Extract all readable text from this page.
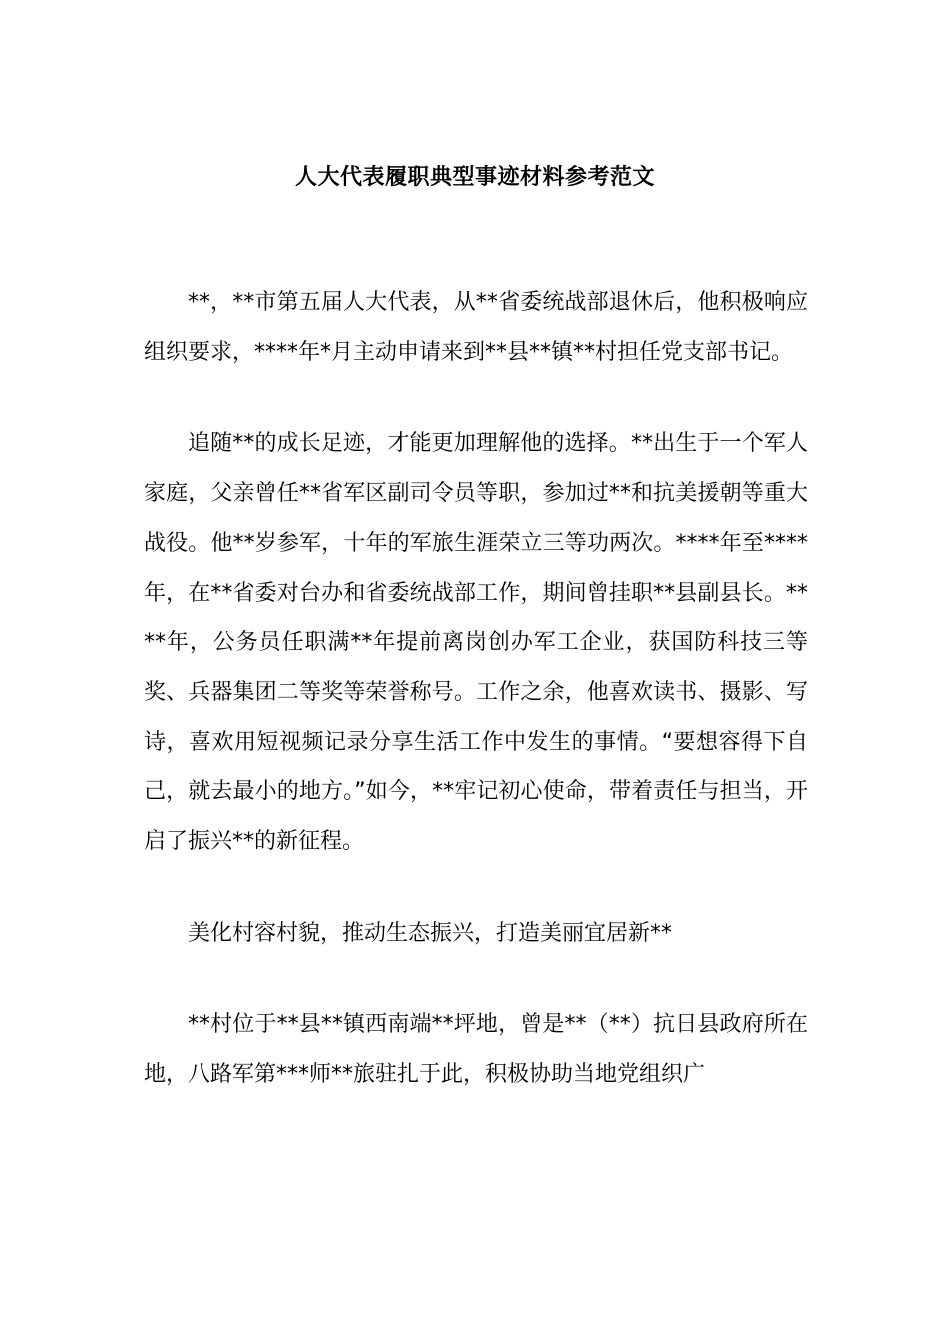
人大代表履职典型事迹材料参考范文

**，**市第五届人大代表，从**省委统战部退休后，他积极响应组织要求，****年*月主动申请来到**县**镇**村担任党支部书记。

追随**的成长足迹，才能更加理解他的选择。**出生于一个军人家庭，父亲曾任**省军区副司令员等职，参加过**和抗美援朝等重大战役。他**岁参军，十年的军旅生涯荣立三等功两次。****年至****年，在**省委对台办和省委统战部工作，期间曾挂职**县副县长。****年，公务员任职满**年提前离岗创办军工企业，获国防科技三等奖、兵器集团二等奖等荣誉称号。工作之余，他喜欢读书、摄影、写诗，喜欢用短视频记录分享生活工作中发生的事情。“要想容得下自己，就去最小的地方。”如今，**牢记初心使命，带着责任与担当，开启了振兴**的新征程。

美化村容村貌，推动生态振兴，打造美丽宜居新**

**村位于**县**镇西南端**坪地，曾是**（**）抗日县政府所在地，八路军第***师**旅驻扎于此，积极协助当地党组织广
